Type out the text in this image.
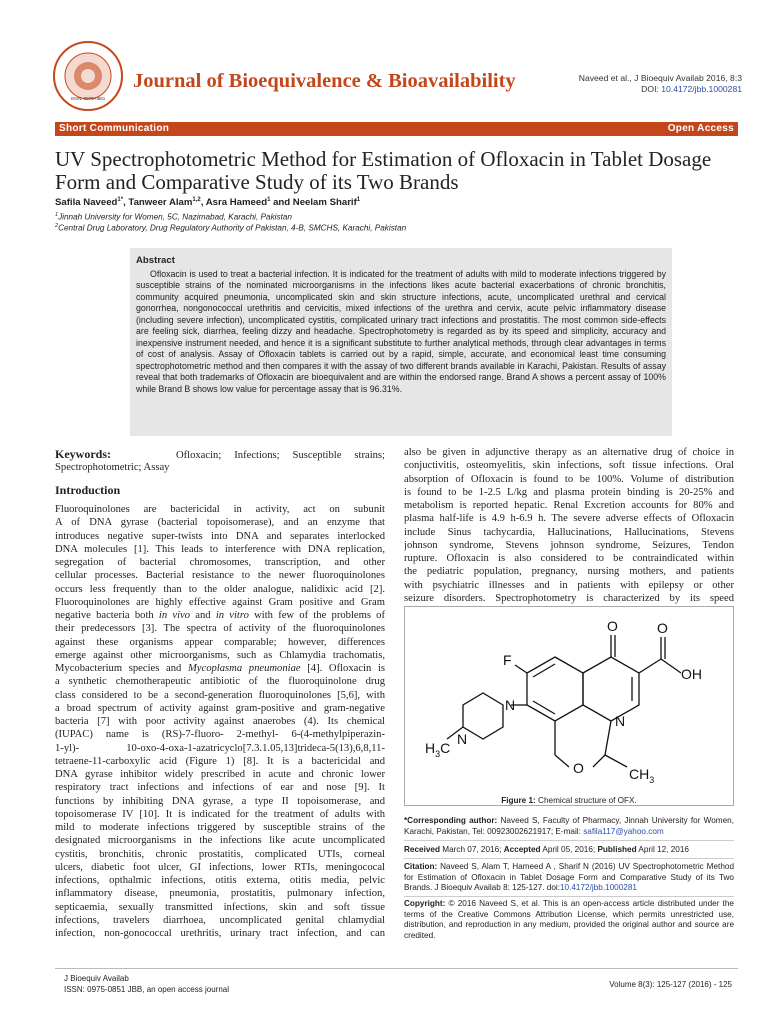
ISSN: 0975-0851
Journal of Bioequivalence & Bioavailability	Naveed et al., J Bioequiv Availab 2016, 8:3
DOI: 10.4172/jbb.1000281
Short Communication	Open Access
UV Spectrophotometric Method for Estimation of Ofloxacin in Tablet Dosage Form and Comparative Study of its Two Brands
Safila Naveed$^{1*}$, Tanweer Alam$^{1,2}$, Asra Hameed$^1$ and Neelam Sharif$^1$
$^1$Jinnah University for Women, 5C, Nazimabad, Karachi, Pakistan
$^2$Central Drug Laboratory, Drug Regulatory Authority of Pakistan, 4-B, SMCHS, Karachi, Pakistan
Abstract

Ofloxacin is used to treat a bacterial infection. It is indicated for the treatment of adults with mild to moderate infections triggered by susceptible strains of the nominated microorganisms in the infections likes acute bacterial exacerbations of chronic bronchitis, community acquired pneumonia, uncomplicated skin and skin structure infections, acute, uncomplicated urethral and cervical gonorrhea, nongonococcal urethritis and cervicitis, mixed infections of the urethra and cervix, acute pelvic inflammatory disease (including severe infection), uncomplicated cystitis, complicated urinary tract infections and prostatitis. The most common side-effects are feeling sick, diarrhea, feeling dizzy and headache. Spectrophotometry is regarded as by its speed and simplicity, accuracy and inexpensive instrument needed, and hence it is a significant substitute to further analytical methods, through clear advantages in terms of cost of analysis. Assay of Ofloxacin tablets is carried out by a rapid, simple, accurate, and economical least time consuming spectrophotometric method and then compares it with the assay of two different brands available in Karachi, Pakistan. Results of assay reveal that both trademarks of Ofloxacin are bioequivalent and are within the endorsed range. Brand A shows a percent assay of 100% while Brand B shows low value for percentage assay that is 96.31%.

Keywords:	Ofloxacin; Infections; Susceptible strains;
Spectrophotometric; Assay
Introduction
Fluoroquinolones are bactericidal in activity, act on subunit
A of DNA gyrase (bacterial topoisomerase), and an enzyme that
introduces negative super-twists into DNA and separates interlocked
DNA molecules [1]. This leads to interference with DNA replication,
segregation of bacterial chromosomes, transcription, and other
cellular processes. Bacterial resistance to the newer fluoroquinolones
occurs less frequently than to the older analogue, nalidixic acid [2].
Fluoroquinolones are highly effective against Gram positive and Gram
negative bacteria both in vivo and in vitro with few of the problems of
their predecessors [3]. The spectra of activity of the fluoroquinolones
against these organisms appear comparable; however, differences
emerge against other microorganisms, such as Chlamydia trachomatis,
Mycobacterium species and Mycoplasma pneumoniae [4]. Ofloxacin is
a synthetic chemotherapeutic antibiotic of the fluoroquinolone drug
class considered to be a second-generation fluoroquinolones [5,6], with
a broad spectrum of activity against gram-positive and gram-negative
bacteria [7] with poor activity against anaerobes (4). Its chemical
(IUPAC) name is (RS)-7-fluoro- 2-methyl- 6-(4-methylpiperazin-
1-yl)- 10-oxo-4-oxa-1-azatricyclo[7.3.1.05,13]trideca-5(13),6,8,11-
tetraene-11-carboxylic acid (Figure 1) [8]. It is a bactericidal and
DNA gyrase inhibitor widely prescribed in acute and chronic lower
respiratory tract infections and infections of ear and nose [9]. It
functions by inhibiting DNA gyrase, a type II topoisomerase, and
topoisomerase IV [10]. It is indicated for the treatment of adults with
mild to moderate infections triggered by susceptible strains of the
designated microorganisms in the infections like acute uncomplicated
cystitis, bronchitis, chronic prostatitis, complicated UTIs, corneal
ulcers, diabetic foot ulcer, GI infections, lower RTIs, meningococal
infections, opthalmic infections, otitis externa, otitis media, pelvic
inflammatory disease, pneumonia, prostatitis, pulmonary infection,
septicaemia, sexually transmitted infections, skin and soft tissue
infections, travelers diarrhoea, uncomplicated genital chlamydial
infection, non-gonococcal urethritis, urinary tract infection, and can
also be given in adjunctive therapy as an alternative drug of choice in
conjuctivitis, osteomyelitis, skin infections, soft tissue infections. Oral
absorption of Ofloxacin is found to be 100%. Volume of distribution
is found to be 1-2.5 L/kg and plasma protein binding is 20-25% and
metabolism is reported hepatic. Renal Excretion accounts for 80% and
plasma half-life is 4.9 h-6.9 h. The severe adverse effects of Ofloxacin
include Sinus tachycardia, Hallucinations, Hallucinations, Stevens
johnson syndrome, Stevens johnson syndrome, Seizures, Tendon
rupture. Ofloxacin is also considered to be contraindicated within
the pediatric population, pregnancy, nursing mothers, and patients
with psychiatric illnesses and in patients with epilepsy or other
seizure disorders. Spectrophotometry is characterized by its speed
O	O
OH
F
N
N
N
O
$H_3C$
$CH_3$
Figure 1: Chemical structure of OFX.
*Corresponding author: Naveed S, Faculty of Pharmacy, Jinnah University for Women, Karachi, Pakistan, Tel: 00923002621917; E-mail: safila117@yahoo.com
Received March 07, 2016; Accepted April 05, 2016; Published April 12, 2016
Citation: Naveed S, Alam T, Hameed A , Sharif N (2016) UV Spectrophotometric Method for Estimation of Ofloxacin in Tablet Dosage Form and Comparative Study of its Two Brands. J Bioequiv Availab 8: 125-127. doi:10.4172/jbb.1000281
Copyright: © 2016 Naveed S, et al. This is an open-access article distributed under the terms of the Creative Commons Attribution License, which permits unrestricted use, distribution, and reproduction in any medium, provided the original author and source are credited.
J Bioequiv Availab
ISSN: 0975-0851 JBB, an open access journal
Volume 8(3): 125-127 (2016) - 125
